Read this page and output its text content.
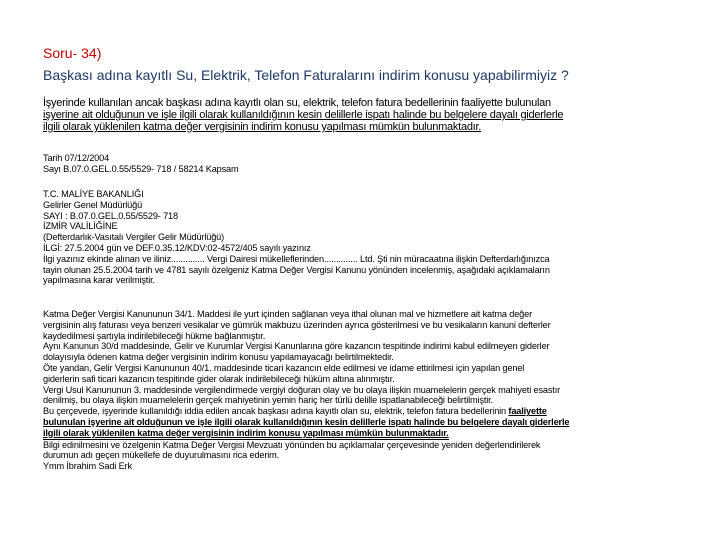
Soru- 34)
Başkası adına kayıtlı Su, Elektrik, Telefon Faturalarını indirim konusu yapabilirmiyiz ?
İşyerinde kullanılan ancak başkası adına kayıtlı olan su, elektrik, telefon fatura bedellerinin faaliyette bulunulan
işyerine ait olduğunun ve işle ilgili olarak kullanıldığının kesin delillerle ispatı halinde bu belgelere dayalı giderlerle
ilgili olarak yüklenilen katma değer vergisinin indirim konusu yapılması mümkün bulunmaktadır.
Tarih 07/12/2004
Sayı B.07.0.GEL.0.55/5529- 718 / 58214 Kapsam
T.C. MALİYE BAKANLIĞI
Gelirler Genel Müdürlüğü
SAYI : B.07.0.GEL.0.55/5529- 718
İZMİR VALİLİĞİNE
(Defterdarlık-Vasıtalı Vergiler Gelir Müdürlüğü)
İLGİ: 27.5.2004 gün ve DEF.0.35.12/KDV:02-4572/405 sayılı yazınız
İlgi yazınız ekinde alınan ve iliniz.............. Vergi Dairesi mükelleflerinden.............. Ltd. Şti nin müracaatına ilişkin Defterdarlığınızca
tayin olunan 25.5.2004 tarih ve 4781 sayılı özelgeniz Katma Değer Vergisi Kanunu yönünden incelenmiş, aşağıdaki açıklamaların
yapılmasına karar verilmiştir.
Katma Değer Vergisi Kanununun 34/1. Maddesi ile yurt içinden sağlanan veya ithal olunan mal ve hizmetlere ait katma değer
vergisinin alış faturası veya benzeri vesikalar ve gümrük makbuzu üzerinden ayrıca gösterilmesi ve bu vesikaların kanuni defterler
kaydedilmesi şartıyla indirilebileceği hükme bağlanmıştır.
Aynı Kanunun 30/d maddesinde, Gelir ve Kurumlar Vergisi Kanunlarına göre kazancın tespitinde indirimi kabul edilmeyen giderler
dolayısıyla ödenen katma değer vergisinin indirim konusu yapılamayacağı belirtilmektedir.
Öte yandan, Gelir Vergisi Kanununun 40/1. maddesinde ticari kazancın elde edilmesi ve idame ettirilmesi için yapılan genel
giderlerin safi ticari kazancın tespitinde gider olarak indirilebileceği hüküm altına alınmıştır.
Vergi Usul Kanununun 3. maddesinde vergilendirmede vergiyi doğuran olay ve bu olaya ilişkin muamelelerin gerçek mahiyeti esastır
denilmiş, bu olaya ilişkin muamelelerin gerçek mahiyetinin yemin hariç her türlü delille ispatlanabileceği belirtilmiştir.
Bu çerçevede, işyerinde kullanıldığı iddia edilen ancak başkası adına kayıtlı olan su, elektrik, telefon fatura bedellerinin faaliyette
bulunulan işyerine ait olduğunun ve işle ilgili olarak kullanıldığının kesin delillerle ispatı halinde bu belgelere dayalı giderlerle
ilgili olarak yüklenilen katma değer vergisinin indirim konusu yapılması mümkün bulunmaktadır.
Bilgi edinilmesini ve özelgenin Katma Değer Vergisi Mevzuatı yönünden bu açıklamalar çerçevesinde yeniden değerlendirilerek
durumun adı geçen mükellefe de duyurulmasını rica ederim.
Ymm İbrahim Sadi Erk
